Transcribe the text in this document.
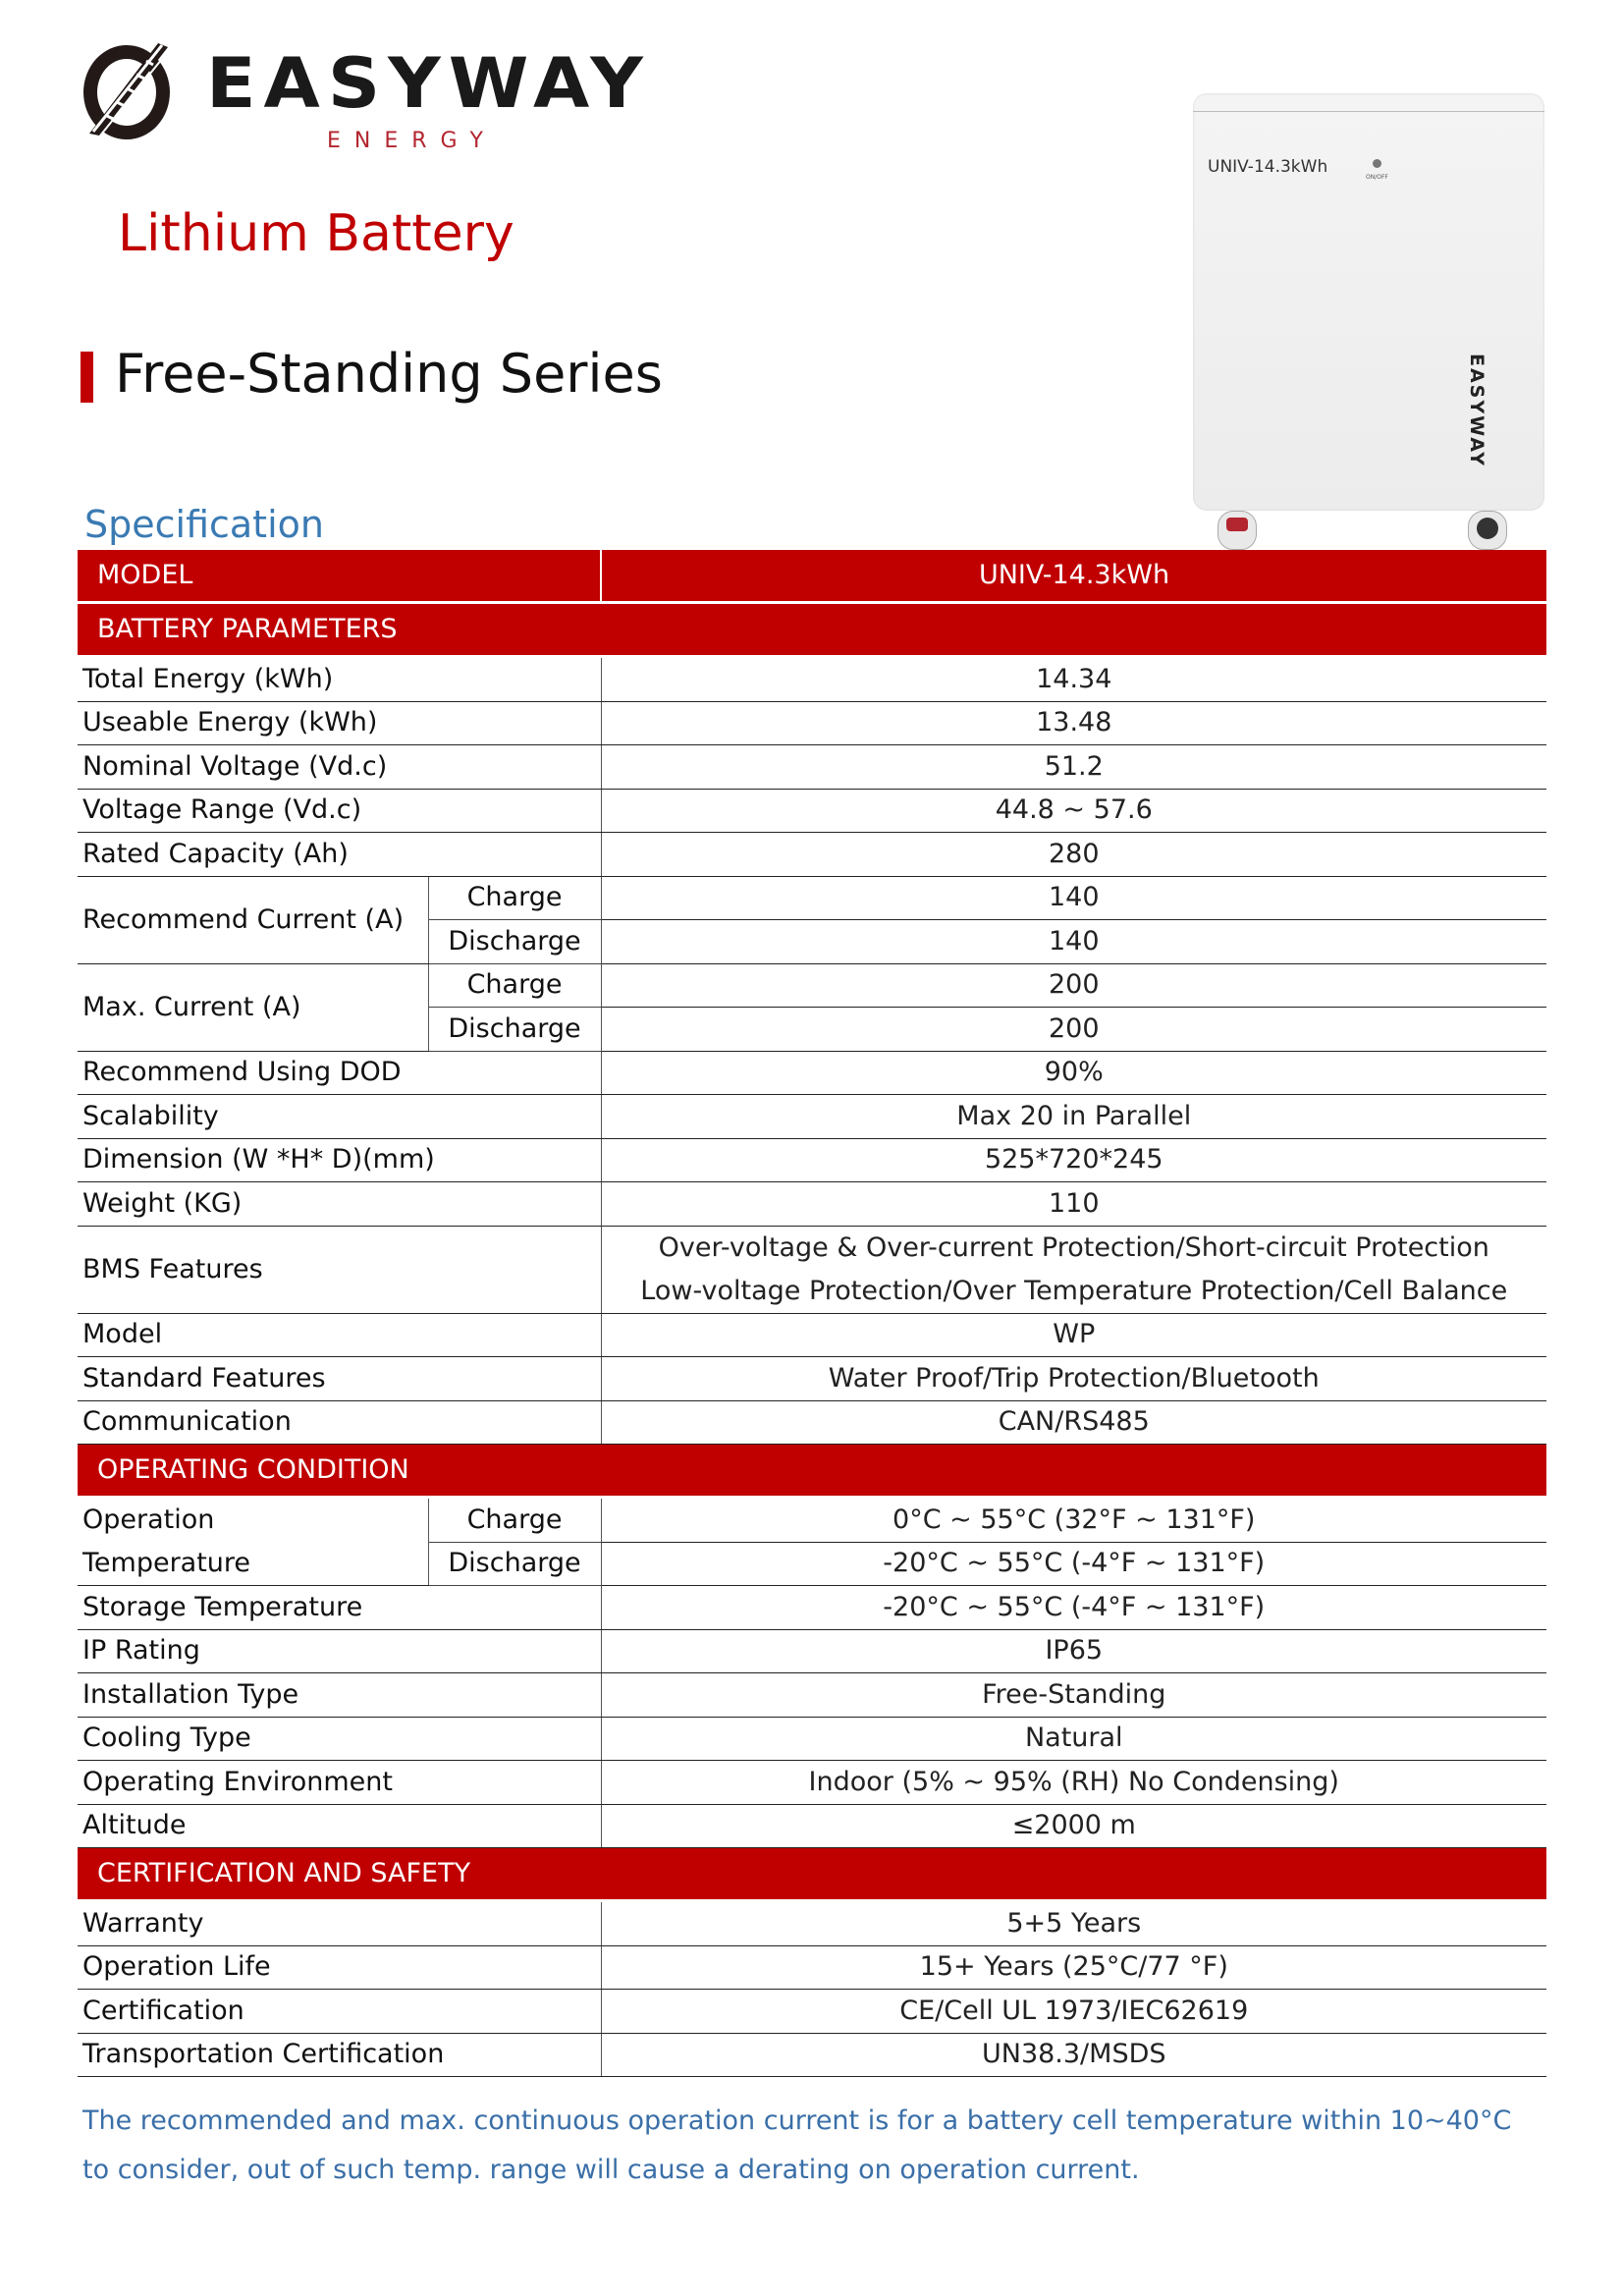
EASYWAY
ENERGY
Lithium Battery
Free-Standing Series
Specification
UNIV-14.3kWh
ON/OFF
EASYWAY
MODEL		UNIV-14.3kWh
BATTERY PARAMETERS		
Total Energy (kWh)		14.34
Useable Energy (kWh)		13.48
Nominal Voltage (Vd.c)		51.2
Voltage Range (Vd.c)		44.8 ~ 57.6
Rated Capacity (Ah)		280
Recommend Current (A)	Charge	140
	Discharge	140
Max. Current (A)	Charge	200
	Discharge	200
Recommend Using DOD		90%
Scalability		Max 20 in Parallel
Dimension (W *H* D)(mm)		525*720*245
Weight (KG)		110
BMS Features		Over-voltage & Over-current Protection/Short-circuit Protection
Low-voltage Protection/Over Temperature Protection/Cell Balance

Model		WP
Standard Features		Water Proof/Trip Protection/Bluetooth
Communication		CAN/RS485
OPERATING CONDITION		

Operation
Temperature	Charge	0°C ~ 55°C (32°F ~ 131°F)
	Discharge	-20°C ~ 55°C (-4°F ~ 131°F)
Storage Temperature		-20°C ~ 55°C (-4°F ~ 131°F)
IP Rating		IP65
Installation Type		Free-Standing
Cooling Type		Natural
Operating Environment		Indoor (5% ~ 95% (RH) No Condensing)
Altitude		≤2000 m
CERTIFICATION AND SAFETY		
Warranty		5+5 Years
Operation Life		15+ Years (25°C/77 °F)
Certification		CE/Cell UL 1973/IEC62619
Transportation Certification		UN38.3/MSDS
The recommended and max. continuous operation current is for a battery cell temperature within 10~40°C
to consider, out of such temp. range will cause a derating on operation current.
